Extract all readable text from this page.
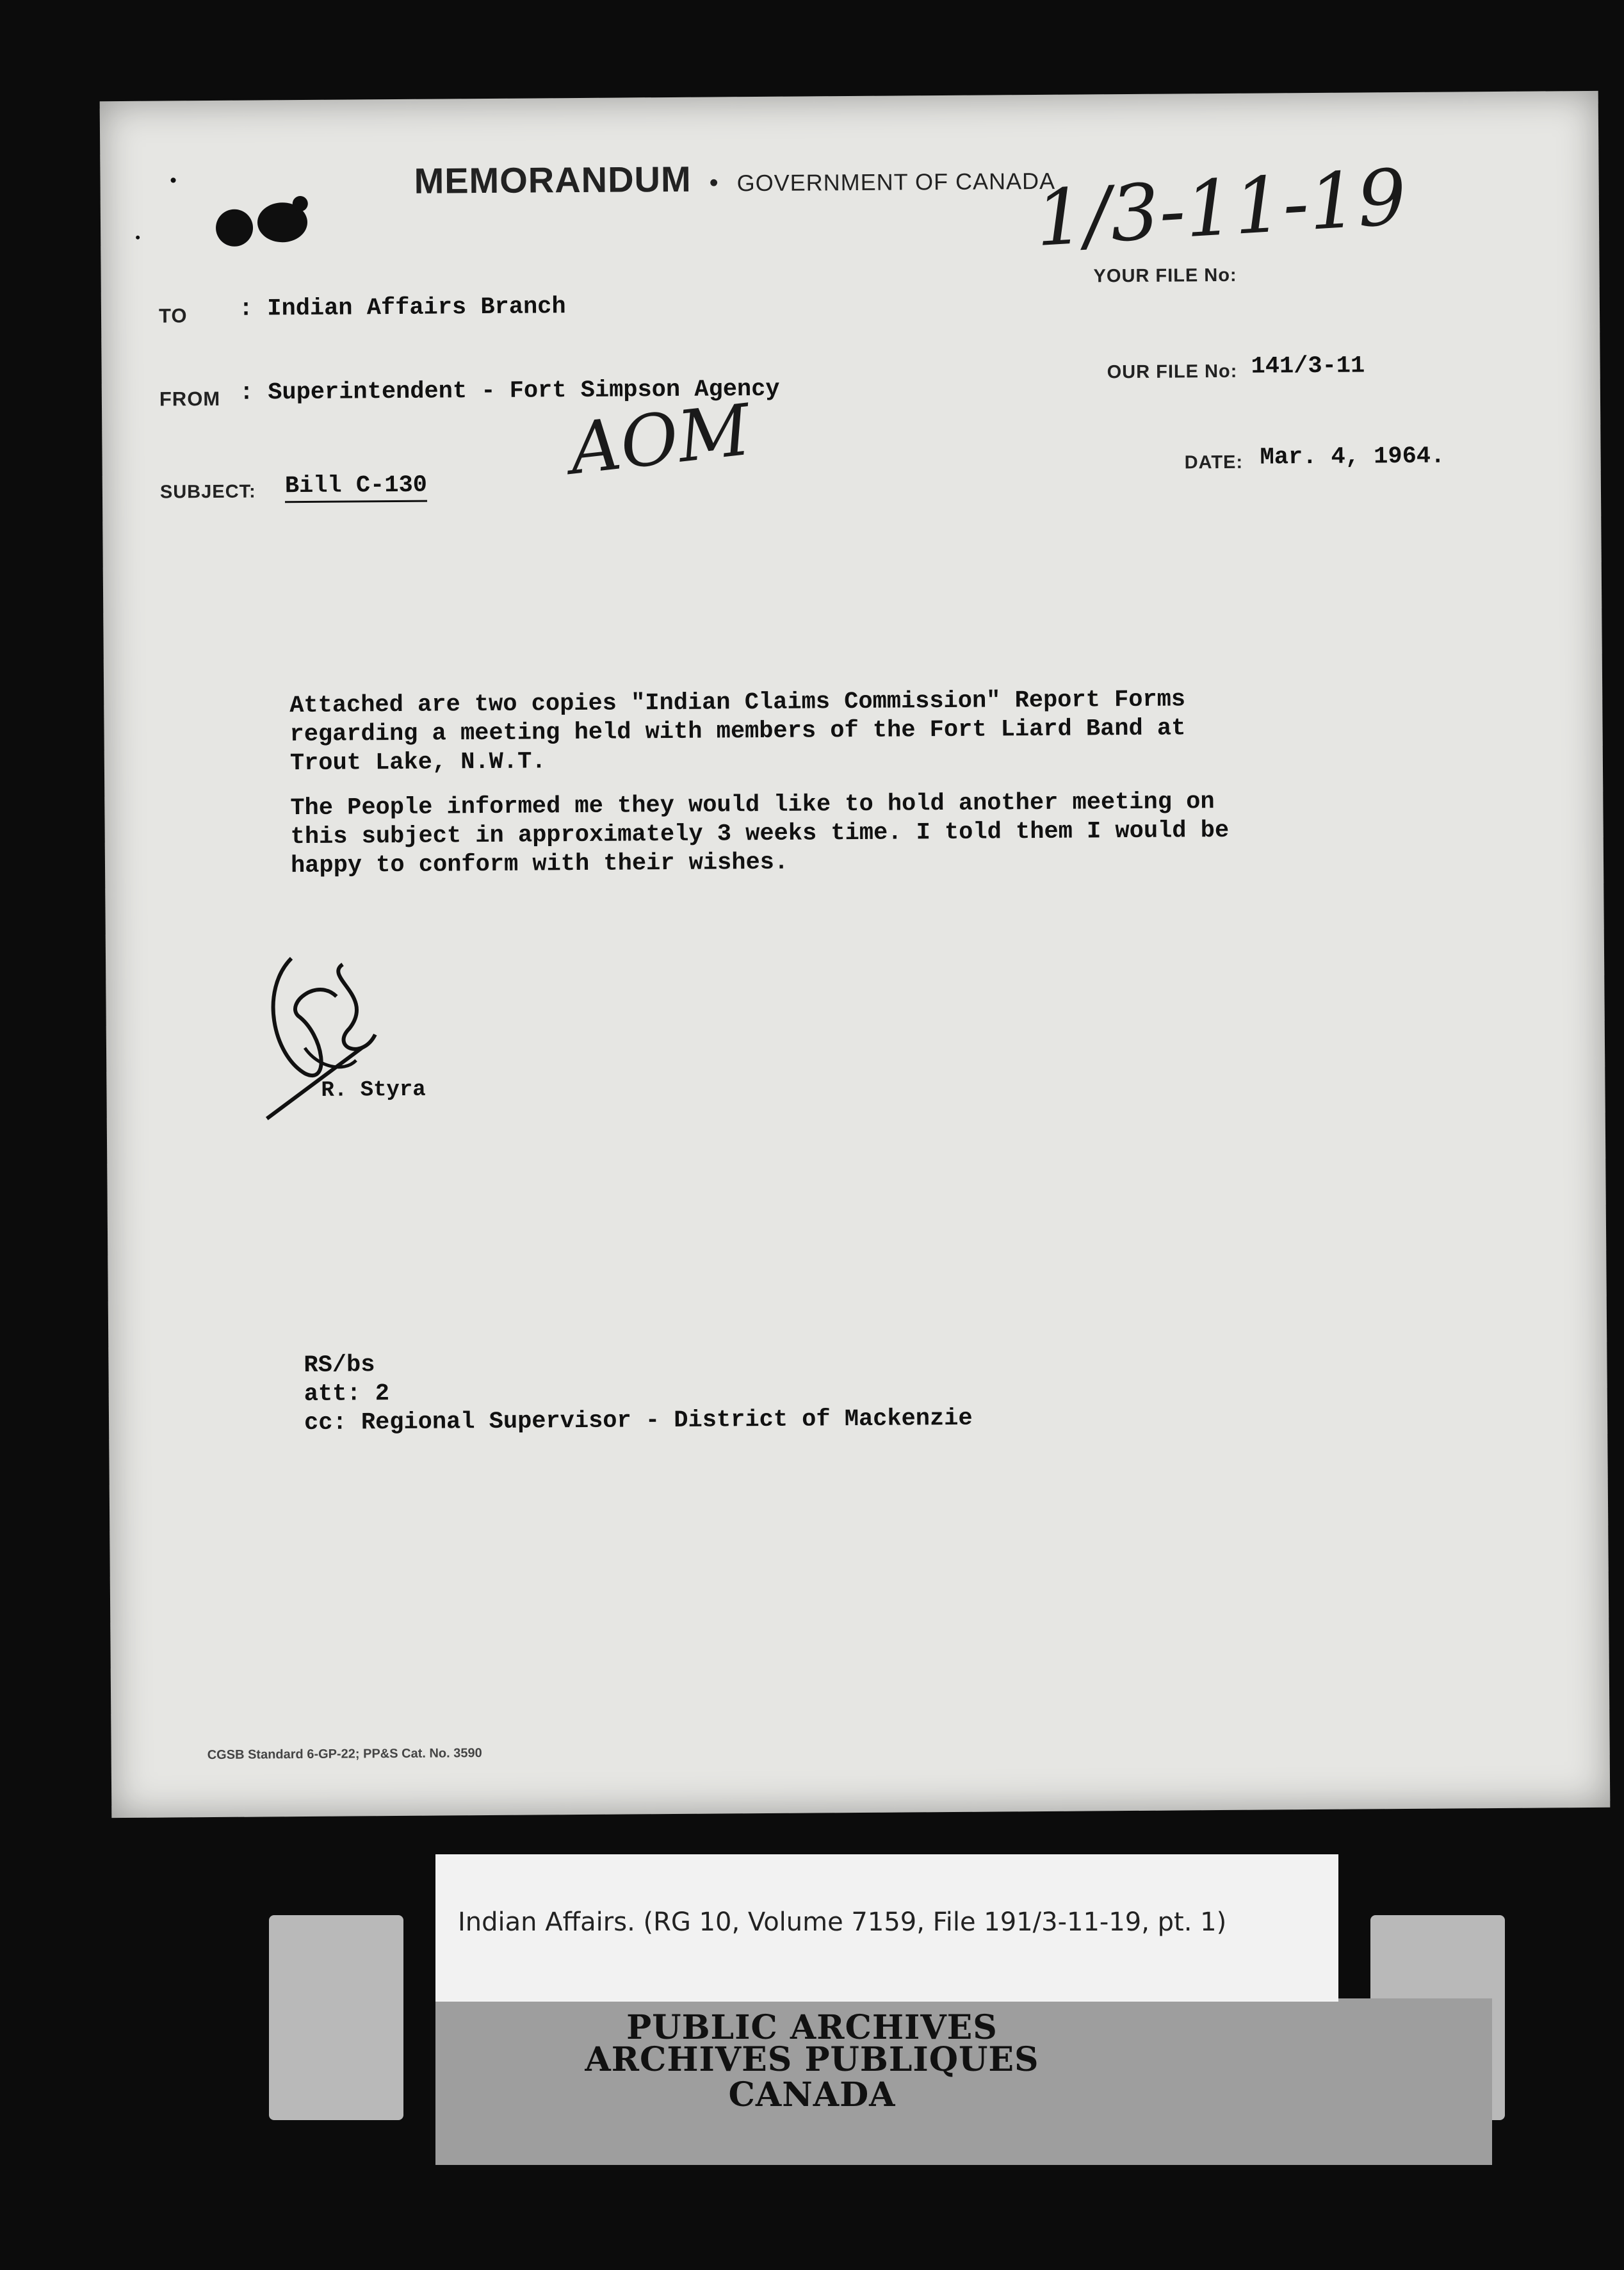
MEMORANDUM • GOVERNMENT OF CANADA
1/3-11-19
YOUR FILE No:
TO : Indian Affairs Branch
OUR FILE No: 141/3-11
FROM : Superintendent - Fort Simpson Agency
AOM	DATE: Mar. 4, 1964.
SUBJECT: Bill C-130
Attached are two copies "Indian Claims Commission" Report Forms
regarding a meeting held with members of the Fort Liard Band at
Trout Lake, N.W.T.
The People informed me they would like to hold another meeting on
this subject in approximately 3 weeks time. I told them I would be
happy to conform with their wishes.
R. Styra
RS/bs
att: 2
cc: Regional Supervisor - District of Mackenzie
CGSB Standard 6-GP-22; PP&S Cat. No. 3590
Indian Affairs. (RG 10, Volume 7159, File 191/3-11-19, pt. 1)
PUBLIC ARCHIVES
ARCHIVES PUBLIQUES
CANADA
